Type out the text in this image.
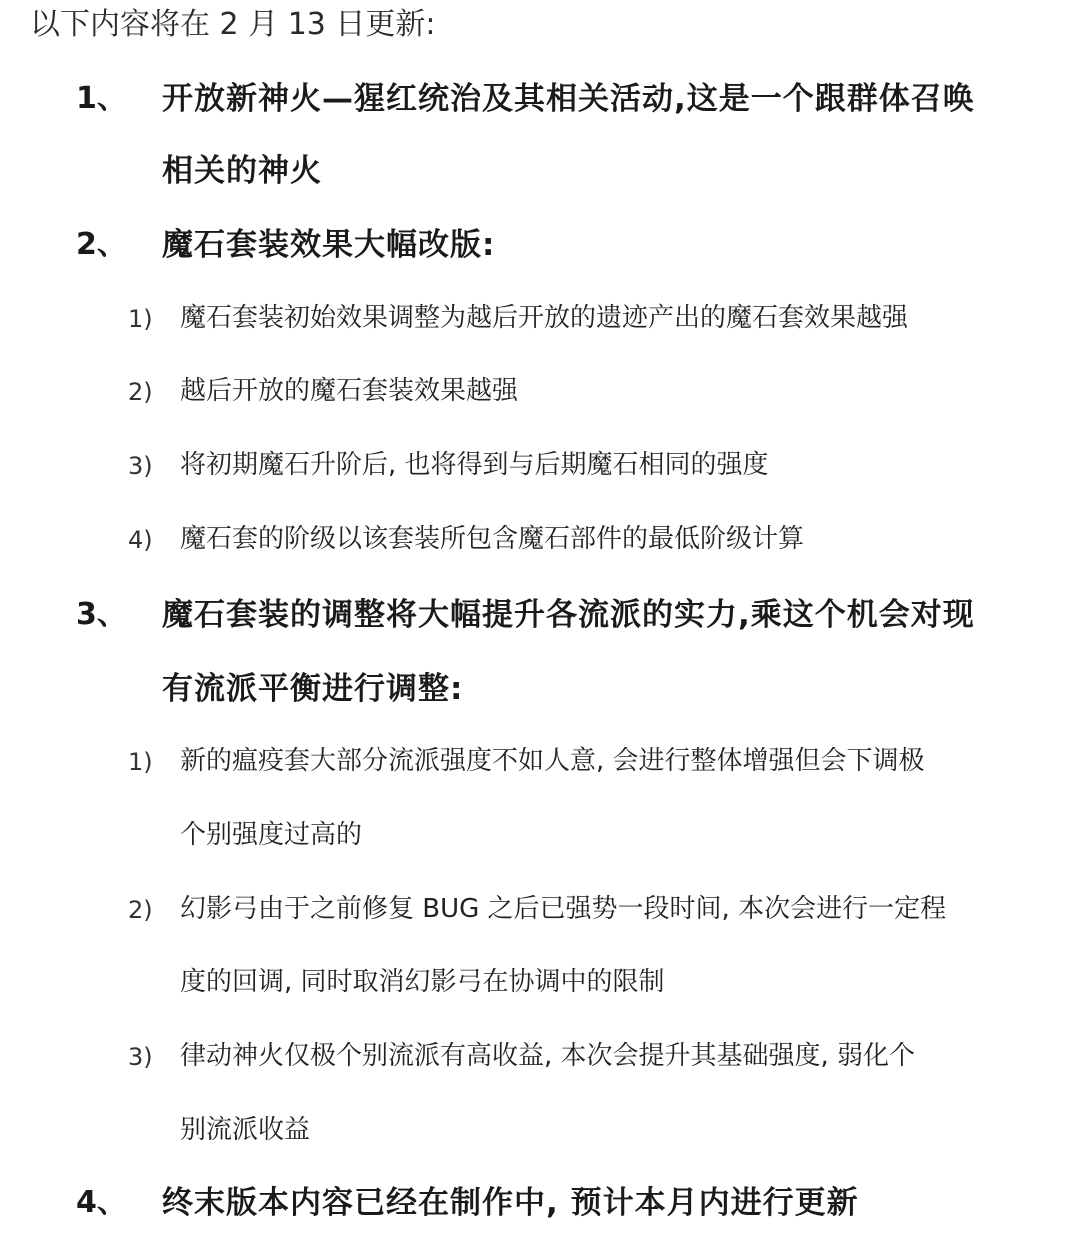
以下内容将在 2 月 13 日更新:
1、 开放新神火—猩红统治及其相关活动,这是一个跟群体召唤
相关的神火
2、 魔石套装效果大幅改版:
1) 魔石套装初始效果调整为越后开放的遗迹产出的魔石套效果越强
2) 越后开放的魔石套装效果越强
3) 将初期魔石升阶后, 也将得到与后期魔石相同的强度
4) 魔石套的阶级以该套装所包含魔石部件的最低阶级计算
3、 魔石套装的调整将大幅提升各流派的实力,乘这个机会对现
有流派平衡进行调整:
1) 新的瘟疫套大部分流派强度不如人意, 会进行整体增强但会下调极
个别强度过高的
2) 幻影弓由于之前修复 BUG 之后已强势一段时间, 本次会进行一定程
度的回调, 同时取消幻影弓在协调中的限制
3) 律动神火仅极个别流派有高收益, 本次会提升其基础强度, 弱化个
别流派收益
4、 终末版本内容已经在制作中, 预计本月内进行更新
